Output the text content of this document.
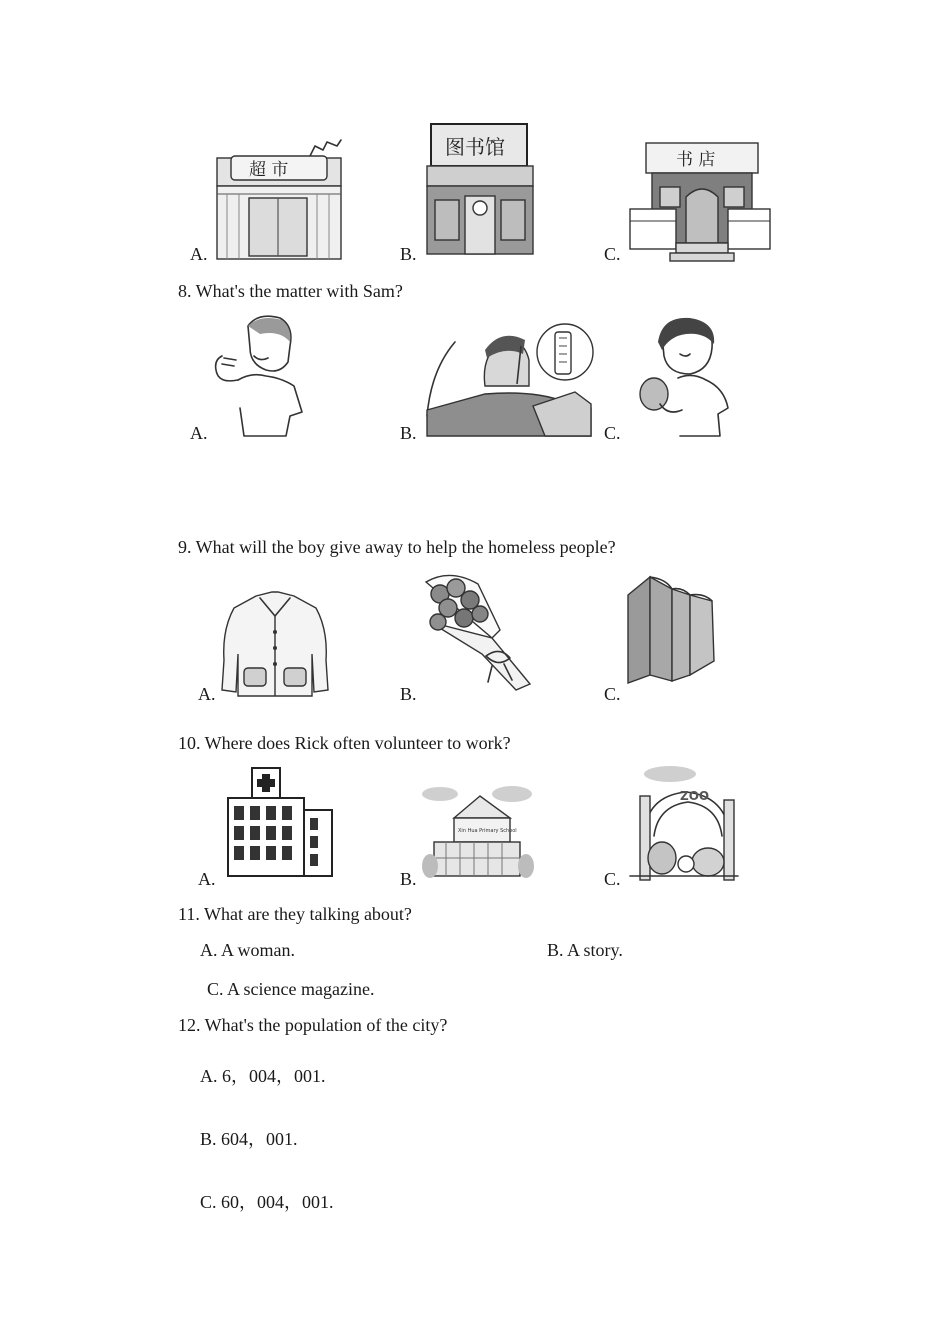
A.	B.	C.
超 市
图书馆
书 店
8. What's the matter with Sam?
A.	B.	C.
9. What will the boy give away to help the homeless people?
A.	B.	C.
10. Where does Rick often volunteer to work?
A.	B.	C.
Xin Hua Primary School
ZOO
11. What are they talking about?
A. A woman.	B. A story.
C. A science magazine.
12. What's the population of the city?
A. 6，004，001.
B. 604，001.
C. 60，004，001.
